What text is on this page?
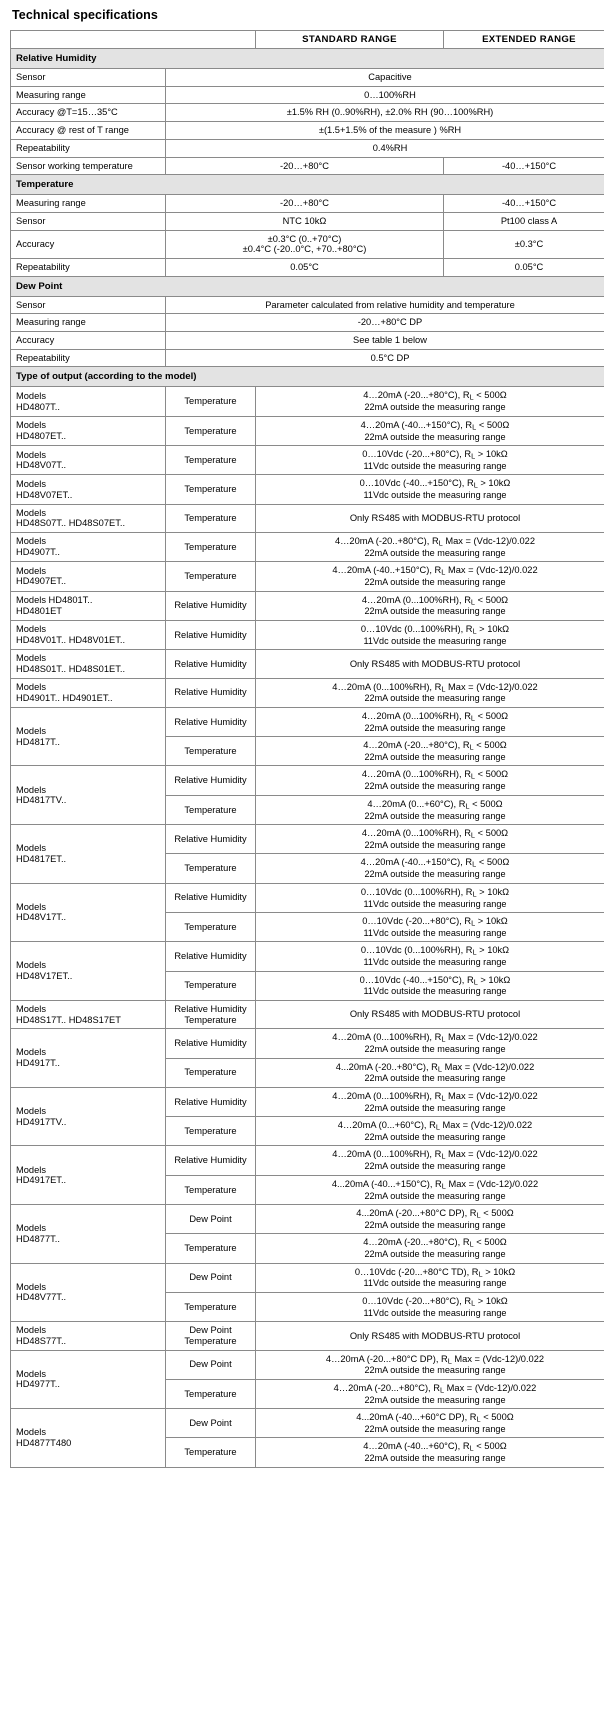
Technical specifications
		STANDARD RANGE	EXTENDED RANGE
Relative Humidity			
Sensor	Capacitive		
Measuring range	0…100%RH		
Accuracy @T=15…35°C	±1.5% RH (0..90%RH), ±2.0% RH (90…100%RH)		
Accuracy @ rest of T range	±(1.5+1.5% of the measure ) %RH		
Repeatability	0.4%RH		
Sensor working temperature	-20…+80°C		-40…+150°C
Temperature			
Measuring range	-20…+80°C		-40…+150°C
Sensor	NTC 10kΩ		Pt100 class A
Accuracy	±0.3°C (0..+70°C)
±0.4°C (-20..0°C, +70..+80°C)		±0.3°C
Repeatability	0.05°C		0.05°C
Dew Point			
Sensor	Parameter calculated from relative humidity and temperature		
Measuring range	-20…+80°C DP		
Accuracy	See table 1 below		
Repeatability	0.5°C DP		
Type of output (according to the model)			
Models
HD4807T..	Temperature	4…20mA (-20...+80°C), RL < 500Ω

22mA outside the measuring range	

Models
HD4807ET..	Temperature	4…20mA (-40...+150°C), RL < 500Ω

22mA outside the measuring range	

Models
HD48V07T..	Temperature	0…10Vdc (-20...+80°C), RL > 10kΩ

11Vdc outside the measuring range	

Models
HD48V07ET..	Temperature	0…10Vdc (-40...+150°C), RL > 10kΩ

11Vdc outside the measuring range	

Models
HD48S07T.. HD48S07ET..	Temperature	Only RS485 with MODBUS-RTU protocol	
Models
HD4907T..	Temperature	4…20mA (-20..+80°C), RL Max = (Vdc-12)/0.022

22mA outside the measuring range	

Models
HD4907ET..	Temperature	4…20mA (-40..+150°C), RL Max = (Vdc-12)/0.022

22mA outside the measuring range	

Models HD4801T..
HD4801ET	Relative Humidity	4…20mA (0...100%RH), RL < 500Ω

22mA outside the measuring range	

Models
HD48V01T.. HD48V01ET..	Relative Humidity	0…10Vdc (0...100%RH), RL > 10kΩ

11Vdc outside the measuring range	

Models
HD48S01T.. HD48S01ET..	Relative Humidity	Only RS485 with MODBUS-RTU protocol	
Models
HD4901T.. HD4901ET..	Relative Humidity	4…20mA (0...100%RH), RL Max = (Vdc-12)/0.022

22mA outside the measuring range	

Models
HD4817T..	Relative Humidity	4…20mA (0...100%RH), RL < 500Ω

22mA outside the measuring range	

	Temperature	4…20mA (-20...+80°C), RL < 500Ω

22mA outside the measuring range	

Models
HD4817TV..	Relative Humidity	4…20mA (0...100%RH), RL < 500Ω

22mA outside the measuring range	

	Temperature	4…20mA (0...+60°C), RL < 500Ω

22mA outside the measuring range	

Models
HD4817ET..	Relative Humidity	4…20mA (0...100%RH), RL < 500Ω

22mA outside the measuring range	

	Temperature	4…20mA (-40...+150°C), RL < 500Ω

22mA outside the measuring range	

Models
HD48V17T..	Relative Humidity	0…10Vdc (0...100%RH), RL > 10kΩ

11Vdc outside the measuring range	

	Temperature	0…10Vdc (-20...+80°C), RL > 10kΩ

11Vdc outside the measuring range	

Models
HD48V17ET..	Relative Humidity	0…10Vdc (0...100%RH), RL > 10kΩ

11Vdc outside the measuring range	

	Temperature	0…10Vdc (-40...+150°C), RL > 10kΩ

11Vdc outside the measuring range	

Models
HD48S17T.. HD48S17ET	Relative Humidity
Temperature	Only RS485 with MODBUS-RTU protocol	
Models
HD4917T..	Relative Humidity	4…20mA (0...100%RH), RL Max = (Vdc-12)/0.022

22mA outside the measuring range	

	Temperature	4...20mA (-20..+80°C), RL Max = (Vdc-12)/0.022

22mA outside the measuring range	

Models
HD4917TV..	Relative Humidity	4…20mA (0...100%RH), RL Max = (Vdc-12)/0.022

22mA outside the measuring range	

	Temperature	4…20mA (0...+60°C), RL Max = (Vdc-12)/0.022

22mA outside the measuring range	

Models
HD4917ET..	Relative Humidity	4…20mA (0...100%RH), RL Max = (Vdc-12)/0.022

22mA outside the measuring range	

	Temperature	4...20mA (-40...+150°C), RL Max = (Vdc-12)/0.022

22mA outside the measuring range	

Models
HD4877T..	Dew Point	4...20mA (-20...+80°C DP), RL < 500Ω

22mA outside the measuring range	

	Temperature	4…20mA (-20...+80°C), RL < 500Ω

22mA outside the measuring range	

Models
HD48V77T..	Dew Point	0…10Vdc (-20...+80°C TD), RL > 10kΩ

11Vdc outside the measuring range	

	Temperature	0…10Vdc (-20...+80°C), RL > 10kΩ

11Vdc outside the measuring range	

Models
HD48S77T..	Dew Point
Temperature	Only RS485 with MODBUS-RTU protocol	
Models
HD4977T..	Dew Point	4…20mA (-20...+80°C DP), RL Max = (Vdc-12)/0.022

22mA outside the measuring range	

	Temperature	4…20mA (-20...+80°C), RL Max = (Vdc-12)/0.022

22mA outside the measuring range	

Models
HD4877T480	Dew Point	4...20mA (-40...+60°C DP), RL < 500Ω

22mA outside the measuring range	

	Temperature	4…20mA (-40...+60°C), RL < 500Ω

22mA outside the measuring range	
